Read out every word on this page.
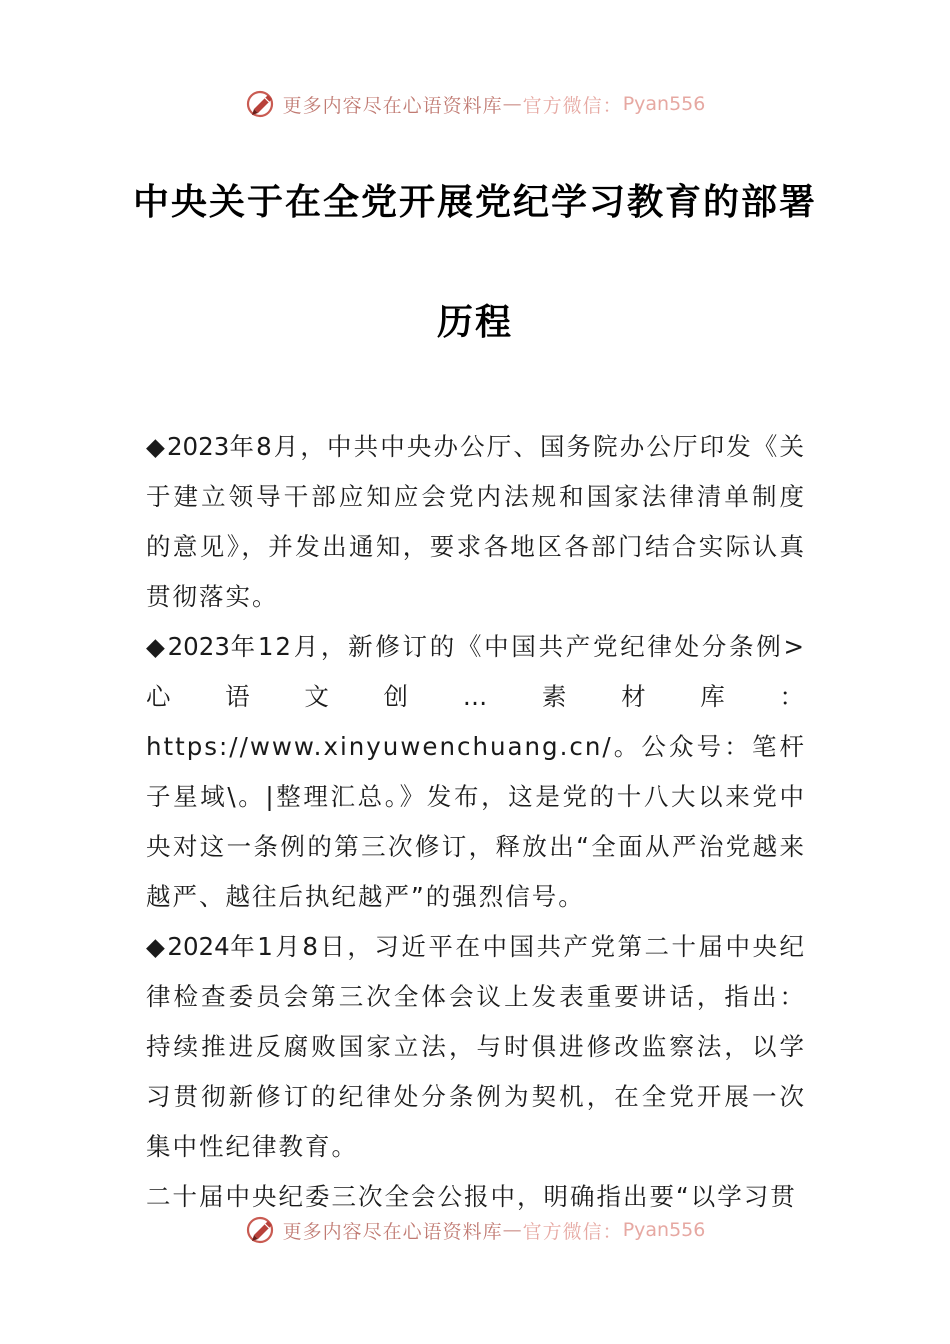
更多内容尽在心语资料库 — 官方微信： Pyan556
中央关于在全党开展党纪学习教育的部署
历程

◆2023年8月，中共中央办公厅、国务院办公厅印发《关于建立领导干部应知应会党内法规和国家法律清单制度的意见》，并发出通知，要求各地区各部门结合实际认真贯彻落实。

◆2023年12月，新修订的《中国共产党纪律处分条例>心语文创…素材库：https://www.xinyuwenchuang.cn/。公众号：笔杆子星域\。|整理汇总。》发布，这是党的十八大以来党中央对这一条例的第三次修订，释放出“全面从严治党越来越严、越往后执纪越严”的强烈信号。

◆2024年1月8日，习近平在中国共产党第二十届中央纪律检查委员会第三次全体会议上发表重要讲话，指出：持续推进反腐败国家立法，与时俱进修改监察法，以学习贯彻新修订的纪律处分条例为契机，在全党开展一次集中性纪律教育。

二十届中央纪委三次全会公报中，明确指出要“以学习贯

更多内容尽在心语资料库 — 官方微信： Pyan556
